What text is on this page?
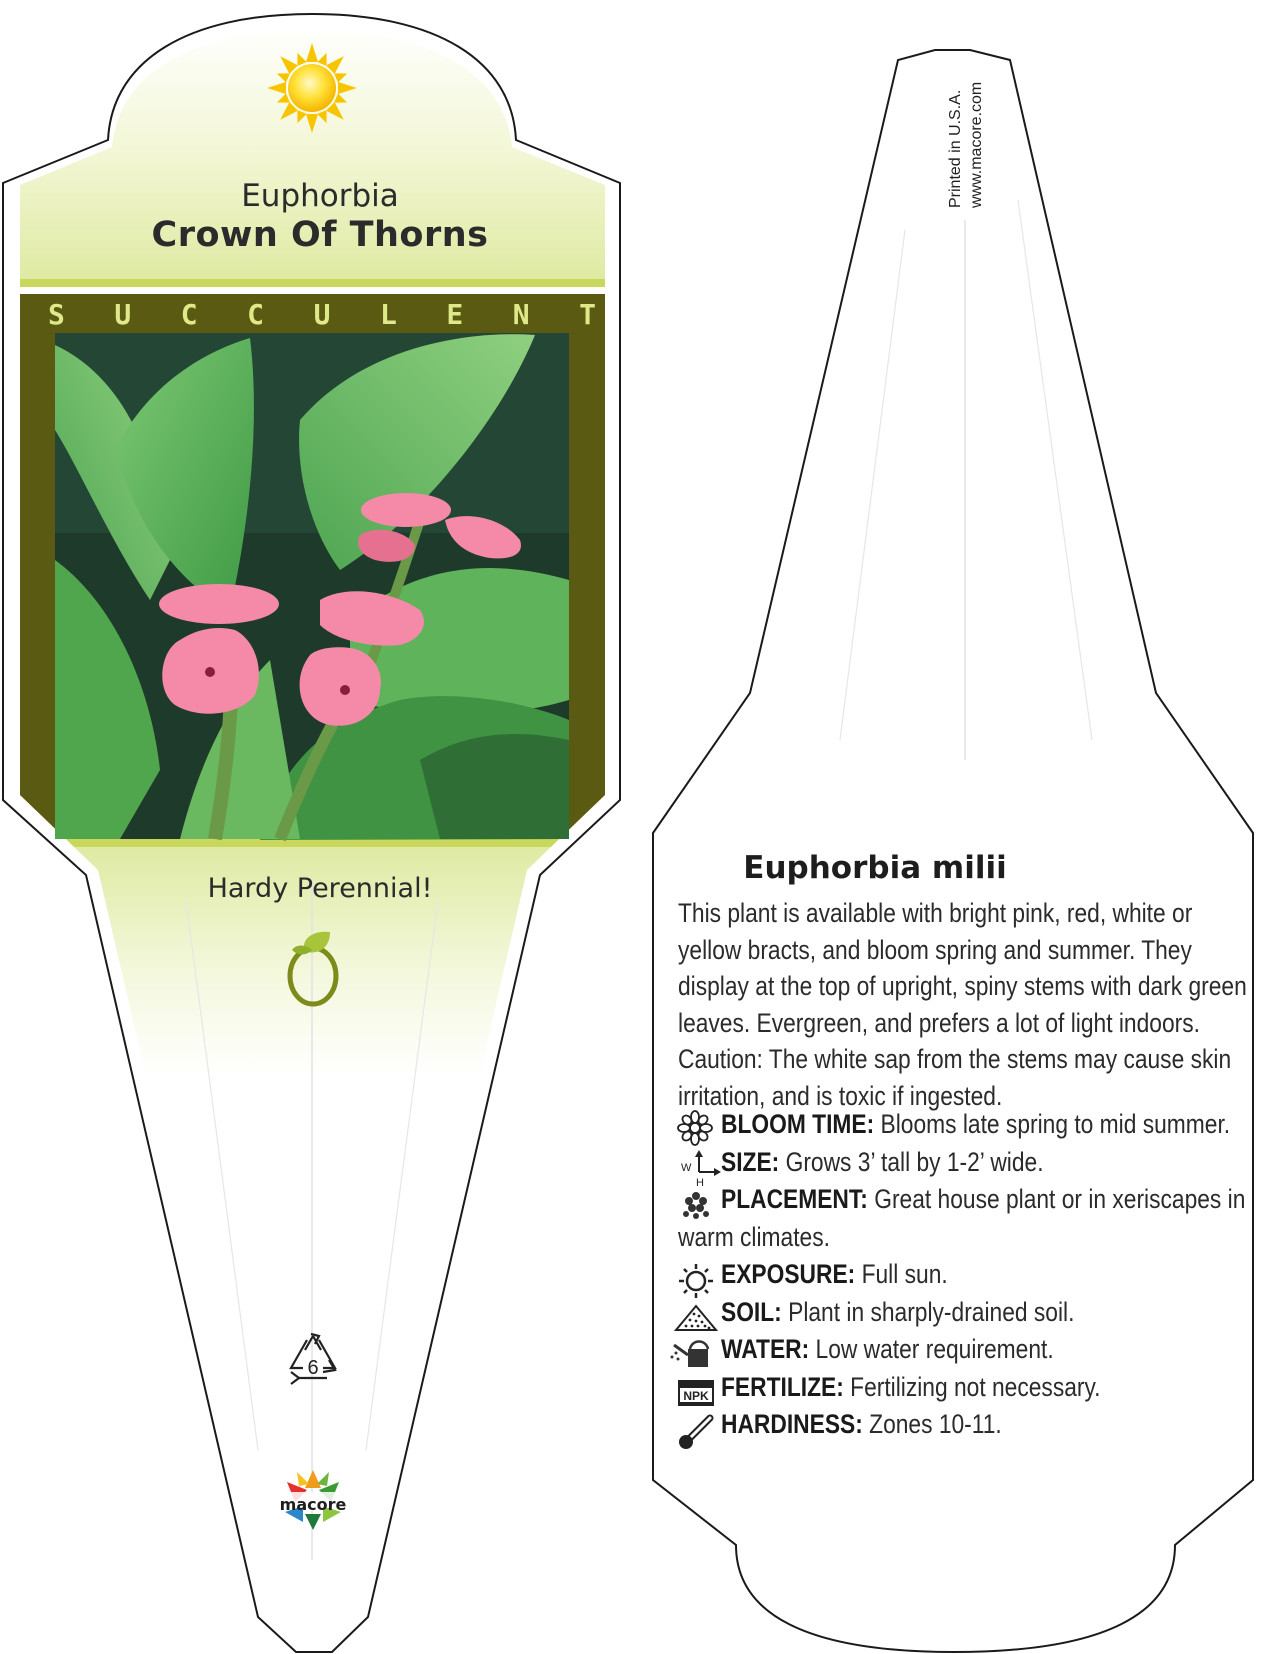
W
H
NPK
Euphorbia
Crown Of Thorns
S U C C U L E N T
Hardy Perennial!
6
macore
Printed in U.S.A. www.macore.com
Euphorbia milii
This plant is available with bright pink, red, white or yellow bracts, and bloom spring and summer. They display at the top of upright, spiny stems with dark green leaves. Evergreen, and prefers a lot of light indoors. Caution: The white sap from the stems may cause skin irritation, and is toxic if ingested.
BLOOM TIME: Blooms late spring to mid summer.
SIZE: Grows 3’ tall by 1-2’ wide.
PLACEMENT: Great house plant or in xeriscapes in
warm climates.
EXPOSURE: Full sun.
SOIL: Plant in sharply-drained soil.
WATER: Low water requirement.
FERTILIZE: Fertilizing not necessary.
HARDINESS: Zones 10-11.
